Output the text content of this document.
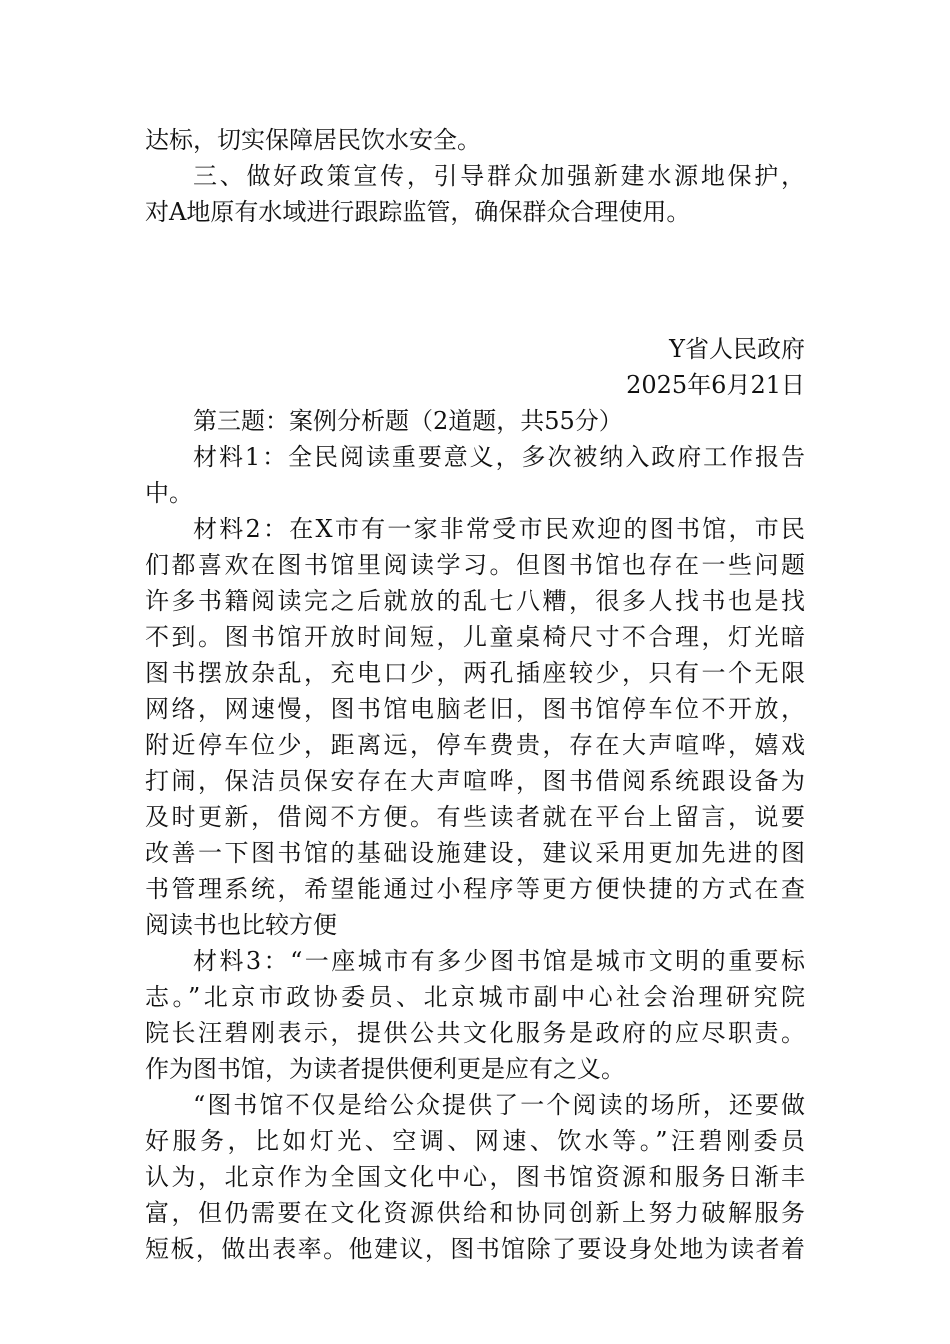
达标，切实保障居民饮水安全。
三、做好政策宣传，引导群众加强新建水源地保护，
对A地原有水域进行跟踪监管，确保群众合理使用。
Y省人民政府
2025年6月21日
第三题：案例分析题（2道题，共55分）
材料1：全民阅读重要意义，多次被纳入政府工作报告
中。
材料2：在X市有一家非常受市民欢迎的图书馆，市民
们都喜欢在图书馆里阅读学习。但图书馆也存在一些问题
许多书籍阅读完之后就放的乱七八糟，很多人找书也是找
不到。图书馆开放时间短，儿童桌椅尺寸不合理，灯光暗
图书摆放杂乱，充电口少，两孔插座较少，只有一个无限
网络，网速慢，图书馆电脑老旧，图书馆停车位不开放，
附近停车位少，距离远，停车费贵，存在大声喧哗，嬉戏
打闹，保洁员保安存在大声喧哗，图书借阅系统跟设备为
及时更新，借阅不方便。有些读者就在平台上留言，说要
改善一下图书馆的基础设施建设，建议采用更加先进的图
书管理系统，希望能通过小程序等更方便快捷的方式在查
阅读书也比较方便
材料3：“一座城市有多少图书馆是城市文明的重要标
志。”北京市政协委员、北京城市副中心社会治理研究院
院长汪碧刚表示，提供公共文化服务是政府的应尽职责。
作为图书馆，为读者提供便利更是应有之义。
“图书馆不仅是给公众提供了一个阅读的场所，还要做
好服务，比如灯光、空调、网速、饮水等。”汪碧刚委员
认为，北京作为全国文化中心，图书馆资源和服务日渐丰
富，但仍需要在文化资源供给和协同创新上努力破解服务
短板，做出表率。他建议，图书馆除了要设身处地为读者着
